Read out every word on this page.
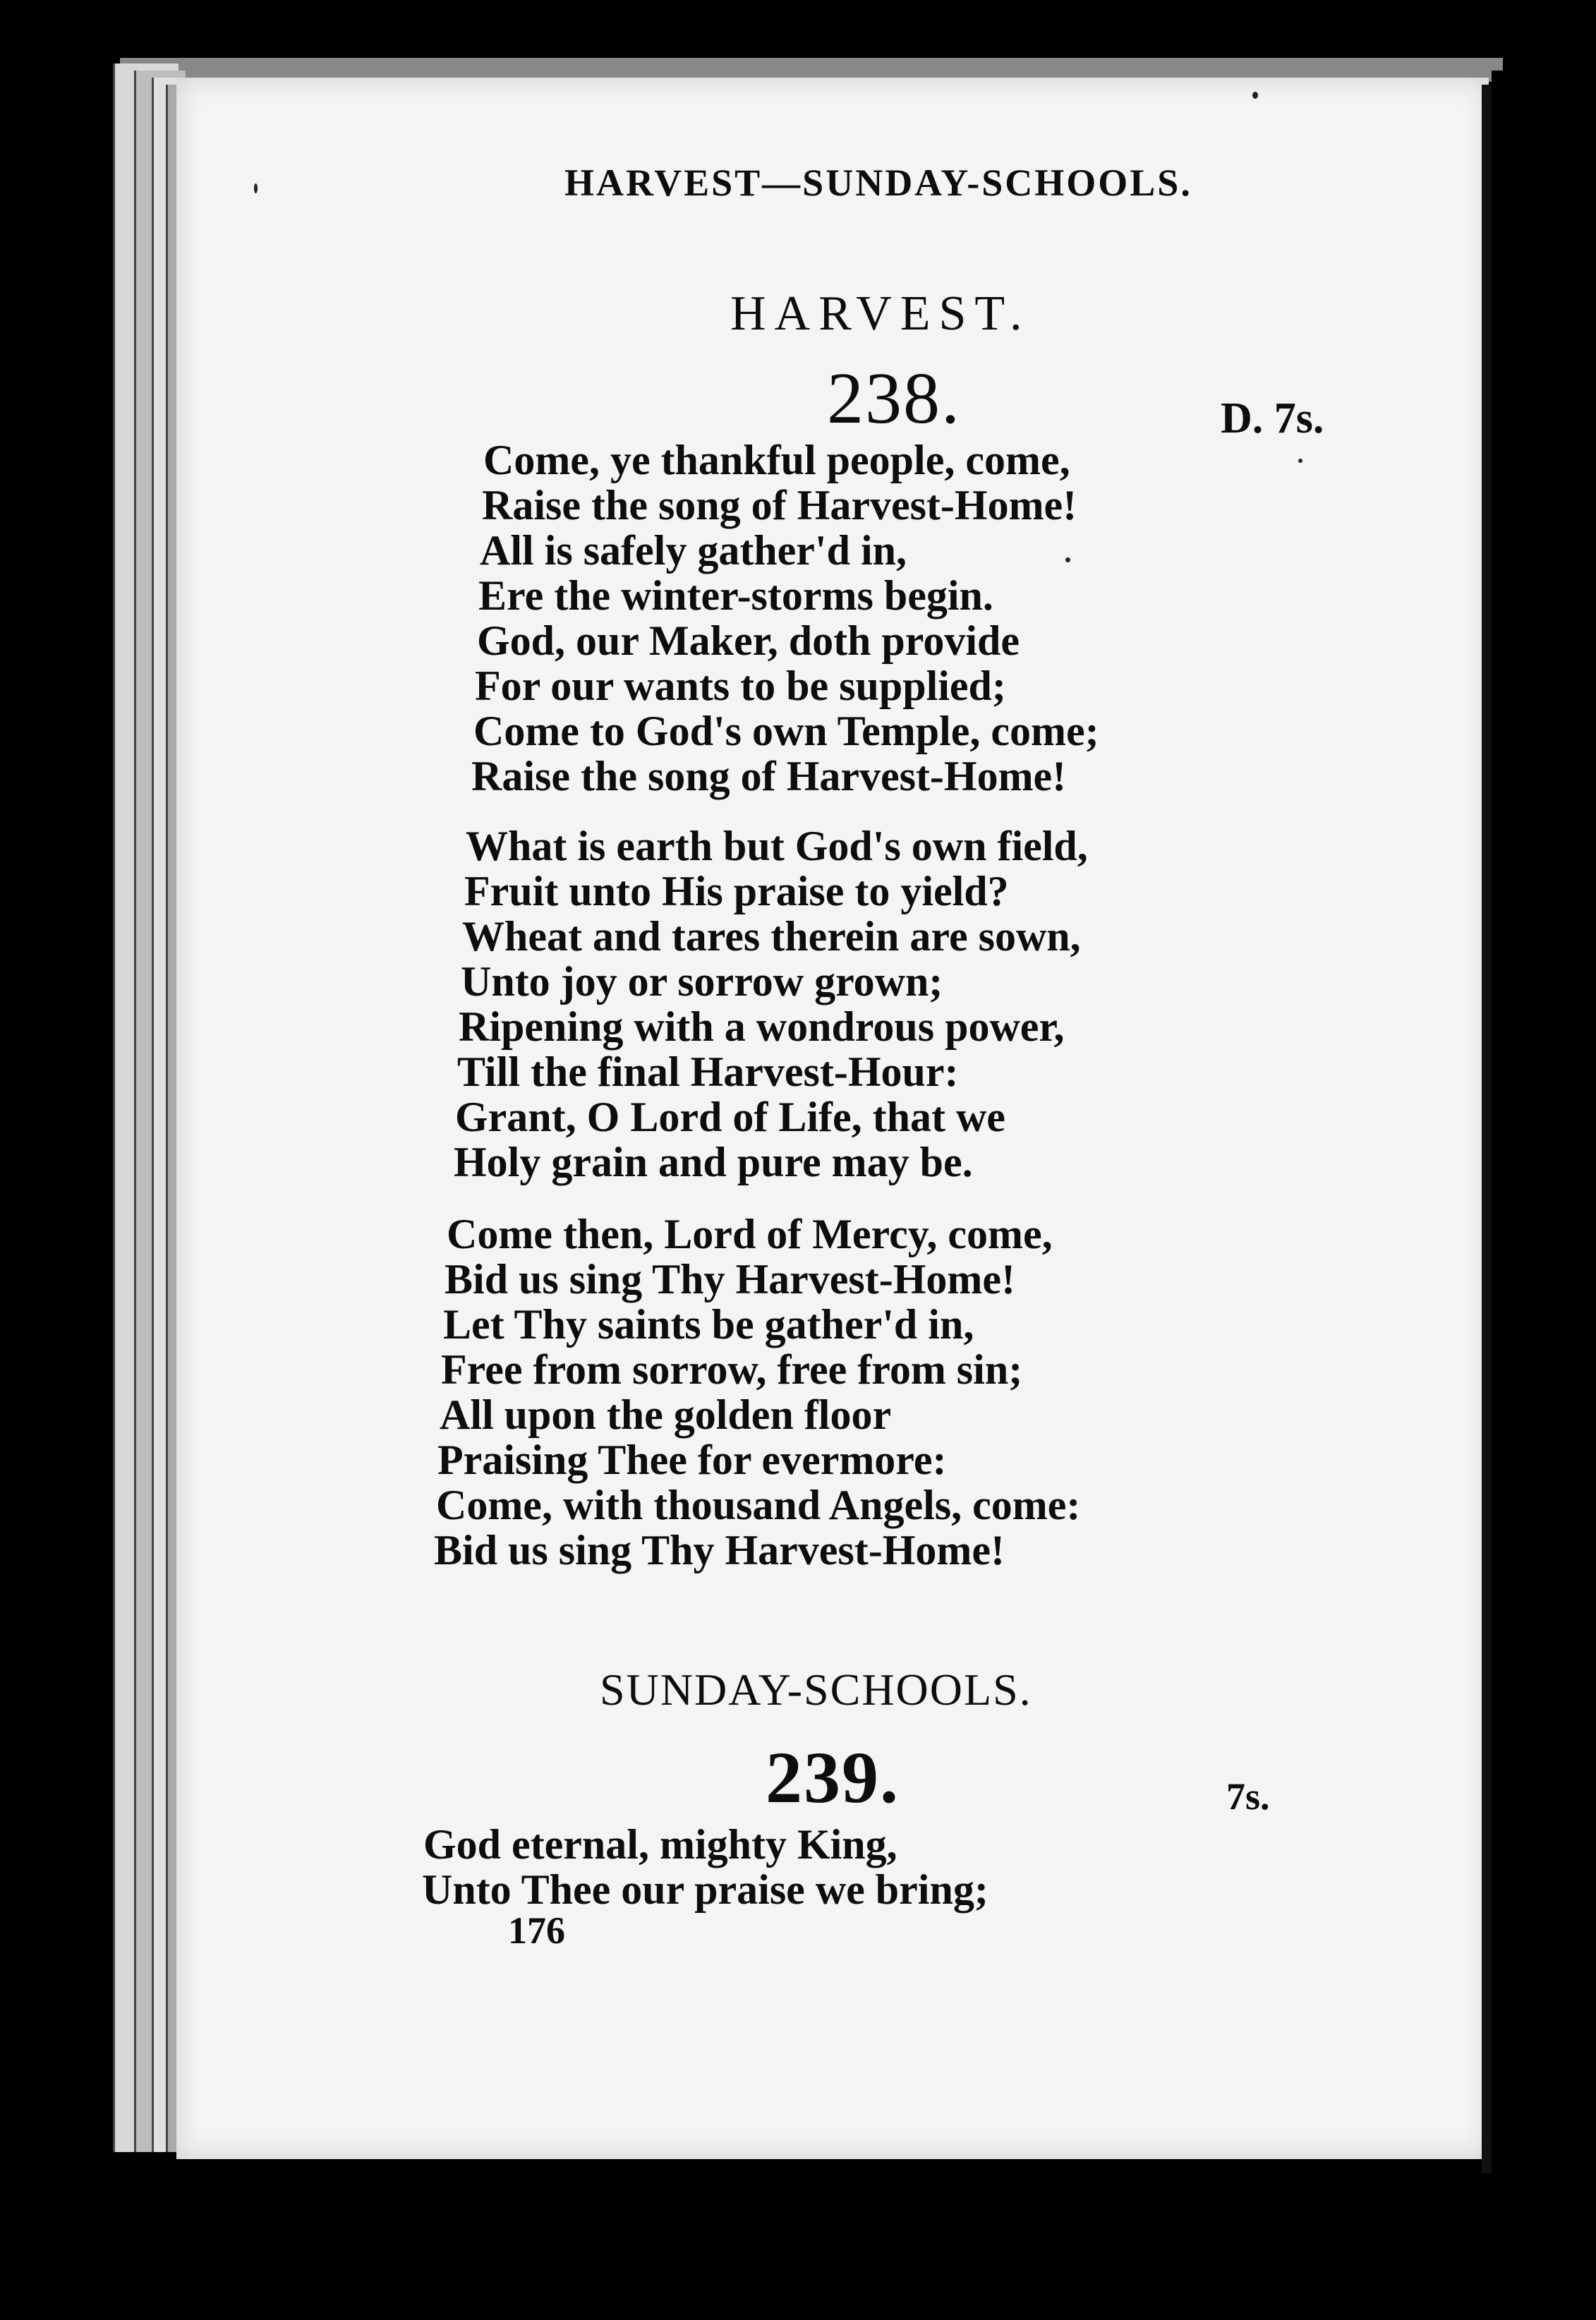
HARVEST—SUNDAY-SCHOOLS.
HARVEST.
238.	D. 7s.
Come, ye thankful people, come,
Raise the song of Harvest-Home!
All is safely gather'd in,
Ere the winter-storms begin.
God, our Maker, doth provide
For our wants to be supplied;
Come to God's own Temple, come;
Raise the song of Harvest-Home!
What is earth but God's own field,
Fruit unto His praise to yield?
Wheat and tares therein are sown,
Unto joy or sorrow grown;
Ripening with a wondrous power,
Till the final Harvest-Hour:
Grant, O Lord of Life, that we
Holy grain and pure may be.
Come then, Lord of Mercy, come,
Bid us sing Thy Harvest-Home!
Let Thy saints be gather'd in,
Free from sorrow, free from sin;
All upon the golden floor
Praising Thee for evermore:
Come, with thousand Angels, come:
Bid us sing Thy Harvest-Home!
SUNDAY-SCHOOLS.
239.	7s.
God eternal, mighty King,
Unto Thee our praise we bring;
176
